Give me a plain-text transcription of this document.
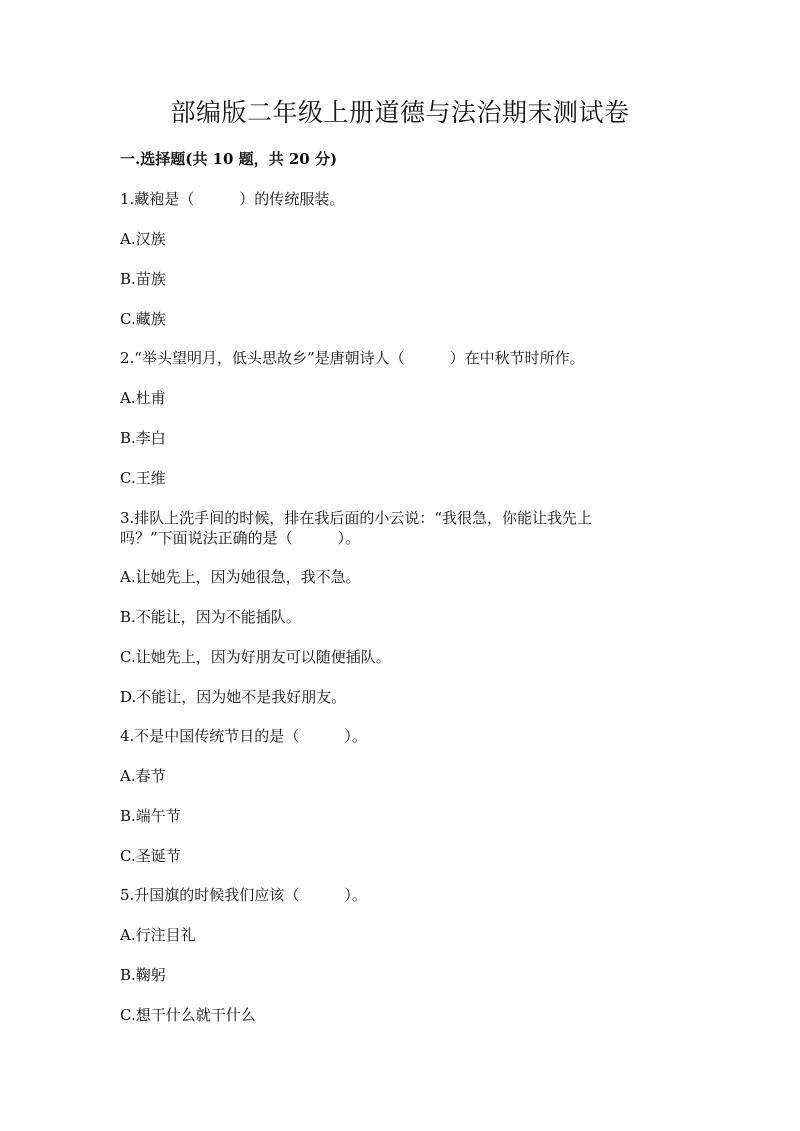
部编版二年级上册道德与法治期末测试卷
一.选择题(共 10 题，共 20 分)
1.藏袍是（　　　）的传统服装。
A.汉族
B.苗族
C.藏族
2.“举头望明月，低头思故乡”是唐朝诗人（　　　）在中秋节时所作。
A.杜甫
B.李白
C.王维
3.排队上洗手间的时候，排在我后面的小云说：“我很急，你能让我先上
吗？”下面说法正确的是（　　　）。
A.让她先上，因为她很急，我不急。
B.不能让，因为不能插队。
C.让她先上，因为好朋友可以随便插队。
D.不能让，因为她不是我好朋友。
4.不是中国传统节日的是（　　　）。
A.春节
B.端午节
C.圣诞节
5.升国旗的时候我们应该（　　　）。
A.行注目礼
B.鞠躬
C.想干什么就干什么
